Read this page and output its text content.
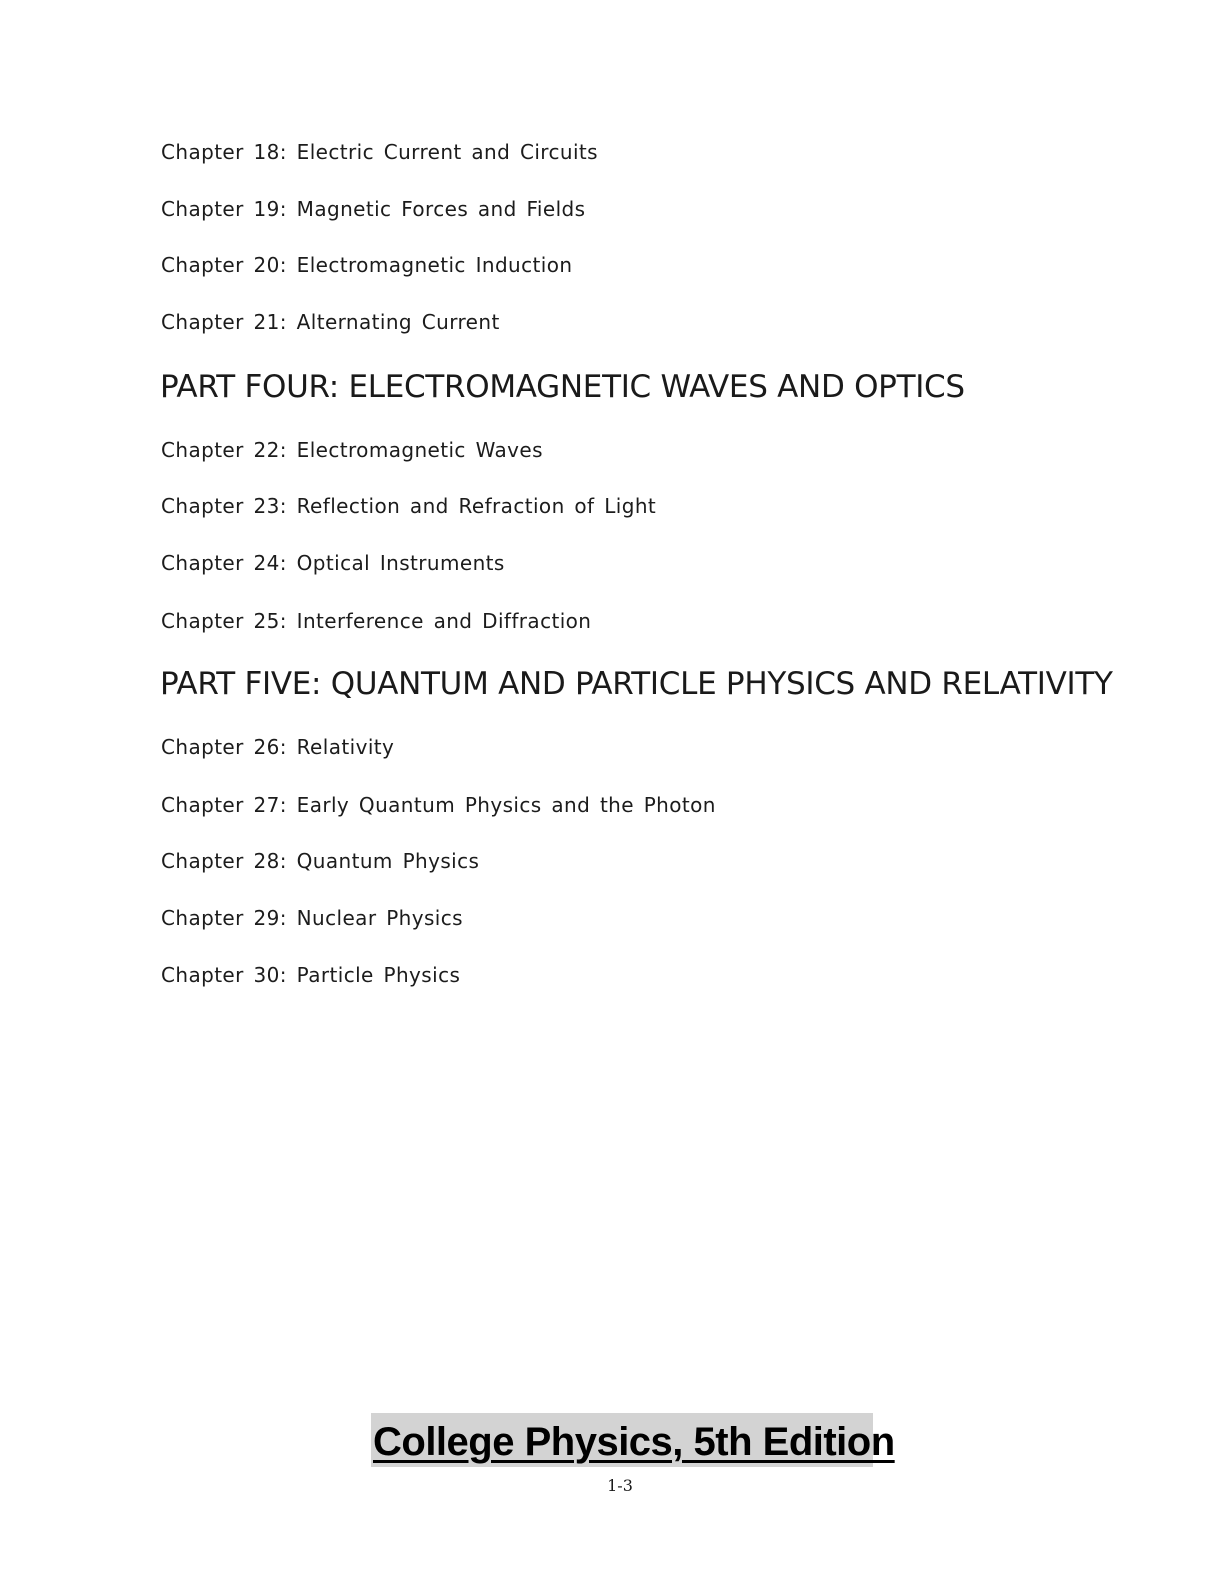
Chapter 18: Electric Current and Circuits
Chapter 19: Magnetic Forces and Fields
Chapter 20: Electromagnetic Induction
Chapter 21: Alternating Current
PART FOUR: ELECTROMAGNETIC WAVES AND OPTICS
Chapter 22: Electromagnetic Waves
Chapter 23: Reflection and Refraction of Light
Chapter 24: Optical Instruments
Chapter 25: Interference and Diffraction
PART FIVE: QUANTUM AND PARTICLE PHYSICS AND RELATIVITY
Chapter 26: Relativity
Chapter 27: Early Quantum Physics and the Photon
Chapter 28: Quantum Physics
Chapter 29: Nuclear Physics
Chapter 30: Particle Physics
College Physics, 5th Edition
1-3
